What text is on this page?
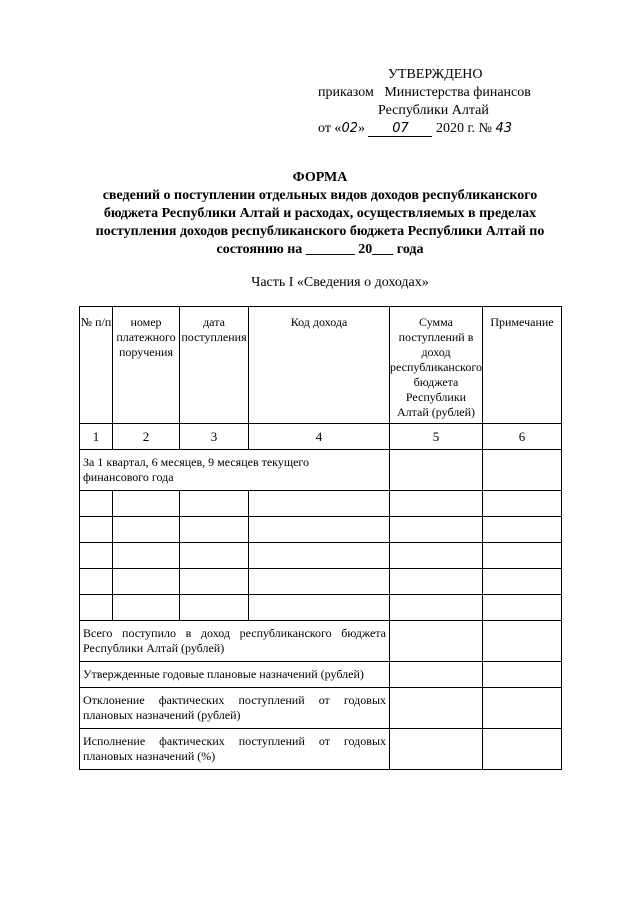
УТВЕРЖДЕНО
приказом   Министерства финансов
Республики Алтай
от «02» 07 2020 г. № 43
ФОРМА
сведений о поступлении отдельных видов доходов республиканского бюджета Республики Алтай и расходах, осуществляемых в пределах поступления доходов республиканского бюджета Республики Алтай по состоянию на _______ 20___ года
Часть I «Сведения о доходах»
№ п/п	номер платежного поручения	дата поступления	Код дохода	Сумма поступлений в доход республиканского бюджета Республики Алтай (рублей)	Примечание
1	2	3	4	5	6
За 1 квартал, 6 месяцев, 9 месяцев текущего финансового года					

Всего поступило в доход республиканского бюджета Республики Алтай (рублей)					
Утвержденные годовые плановые назначений (рублей)					
Отклонение фактических поступлений от годовых плановых назначений (рублей)					
Исполнение фактических поступлений от годовых плановых назначений (%)					
